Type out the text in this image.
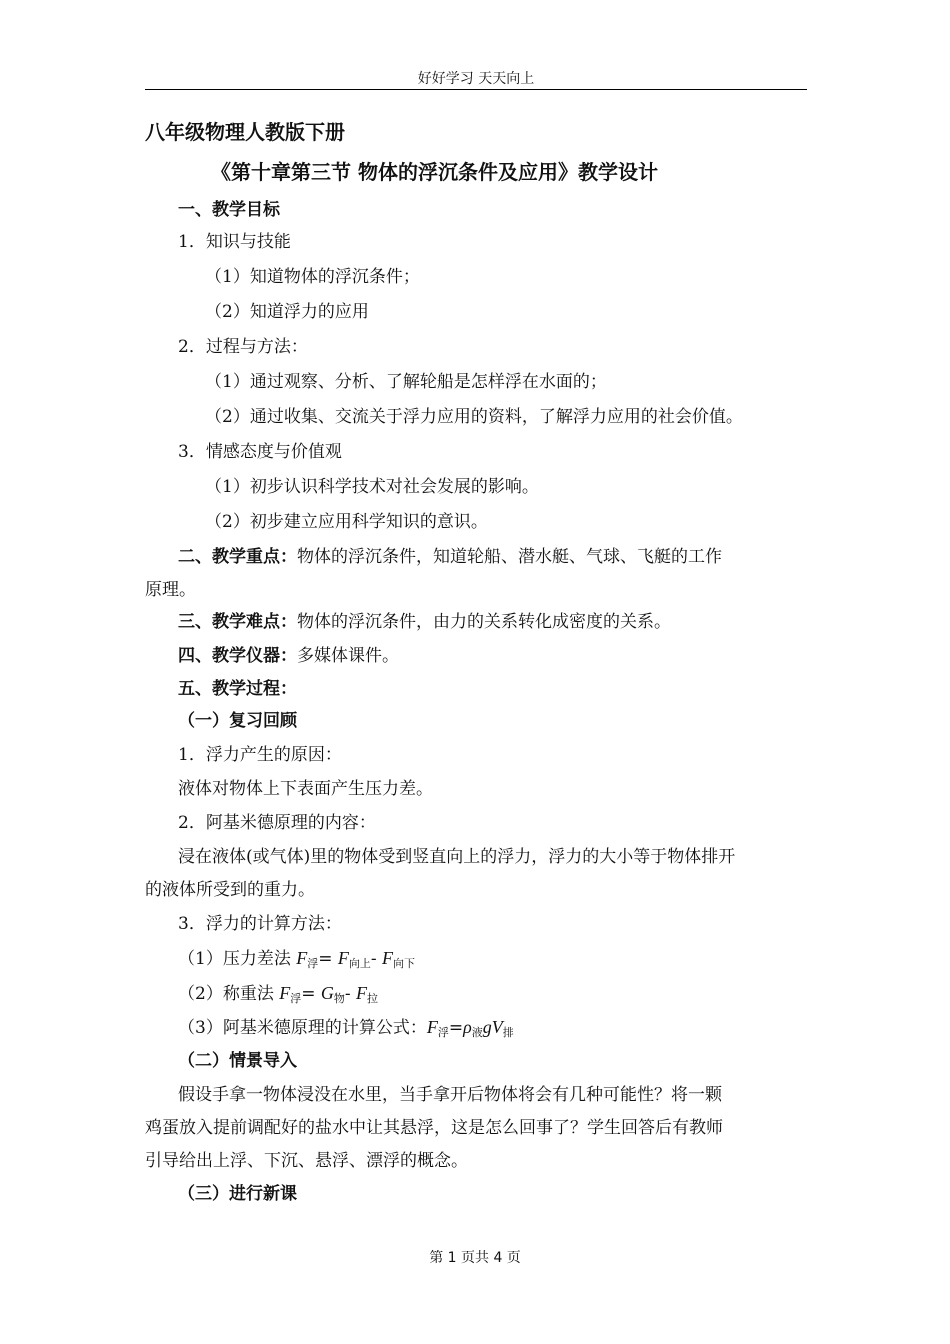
好好学习 天天向上
八年级物理人教版下册
《第十章第三节 物体的浮沉条件及应用》教学设计
一、教学目标
1．知识与技能
（1）知道物体的浮沉条件；
（2）知道浮力的应用
2．过程与方法：
（1）通过观察、分析、了解轮船是怎样浮在水面的；
（2）通过收集、交流关于浮力应用的资料，了解浮力应用的社会价值。
3．情感态度与价值观
（1）初步认识科学技术对社会发展的影响。
（2）初步建立应用科学知识的意识。
二、教学重点：物体的浮沉条件，知道轮船、潜水艇、气球、飞艇的工作
原理。
三、教学难点：物体的浮沉条件，由力的关系转化成密度的关系。
四、教学仪器：多媒体课件。
五、教学过程：
（一）复习回顾
1．浮力产生的原因：
液体对物体上下表面产生压力差。
2．阿基米德原理的内容：
浸在液体(或气体)里的物体受到竖直向上的浮力，浮力的大小等于物体排开
的液体所受到的重力。
3．浮力的计算方法：
（1）压力差法 $F_浮= F_{向上}-$ $F_{向下}$
（2）称重法 $F_浮= G_物-$ $F_拉$
（3）阿基米德原理的计算公式：$F_浮=\rho_液gV_排$
（二）情景导入
假设手拿一物体浸没在水里，当手拿开后物体将会有几种可能性？将一颗
鸡蛋放入提前调配好的盐水中让其悬浮，这是怎么回事了？学生回答后有教师
引导给出上浮、下沉、悬浮、漂浮的概念。
（三）进行新课
第 1 页共 4 页
